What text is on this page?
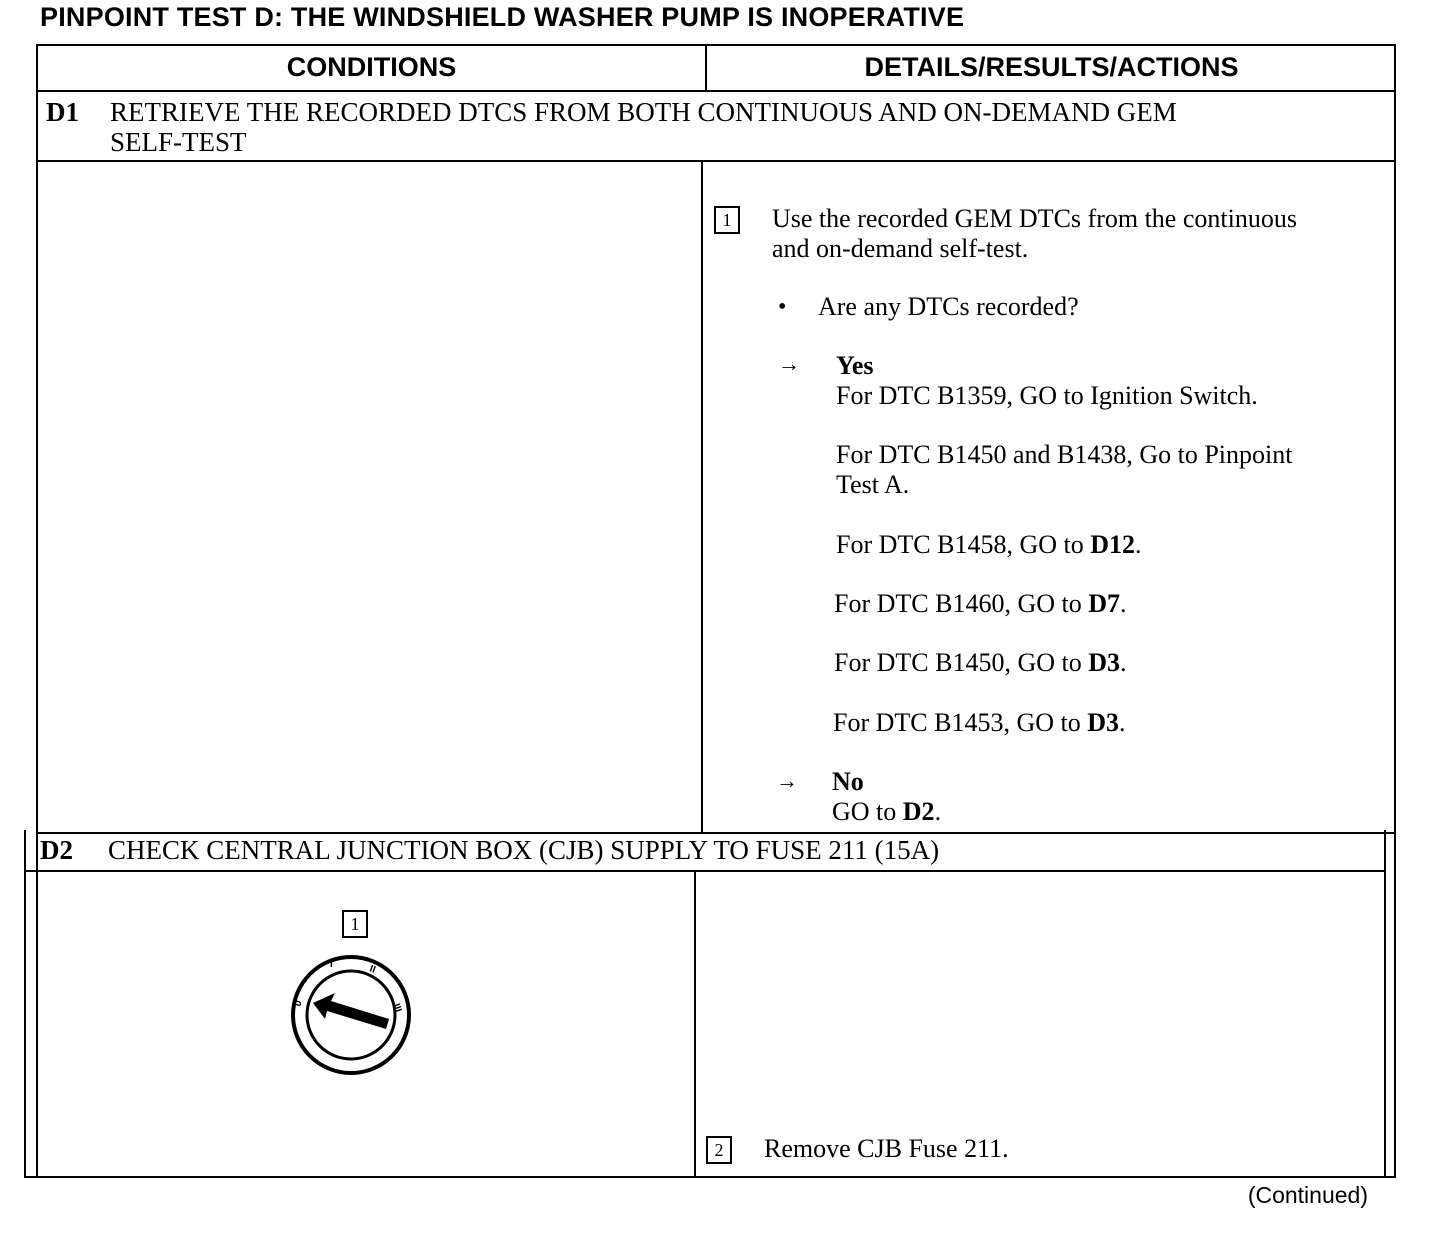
PINPOINT TEST D: THE WINDSHIELD WASHER PUMP IS INOPERATIVE
CONDITIONS	DETAILS/RESULTS/ACTIONS
D1 RETRIEVE THE RECORDED DTCS FROM BOTH CONTINUOUS AND ON-DEMAND GEM
SELF-TEST
1	Use the recorded GEM DTCs from the continuous
and on-demand self-test.
• Are any DTCs recorded?
→ Yes
For DTC B1359, GO to Ignition Switch.
For DTC B1450 and B1438, Go to Pinpoint
Test A.
For DTC B1458, GO to D12.
For DTC B1460, GO to D7.
For DTC B1450, GO to D3.
For DTC B1453, GO to D3.
→ No
GO to D2.
D2 CHECK CENTRAL JUNCTION BOX (CJB) SUPPLY TO FUSE 211 (15A)
1
2	Remove CJB Fuse 211.
0
I	II
III
(Continued)
